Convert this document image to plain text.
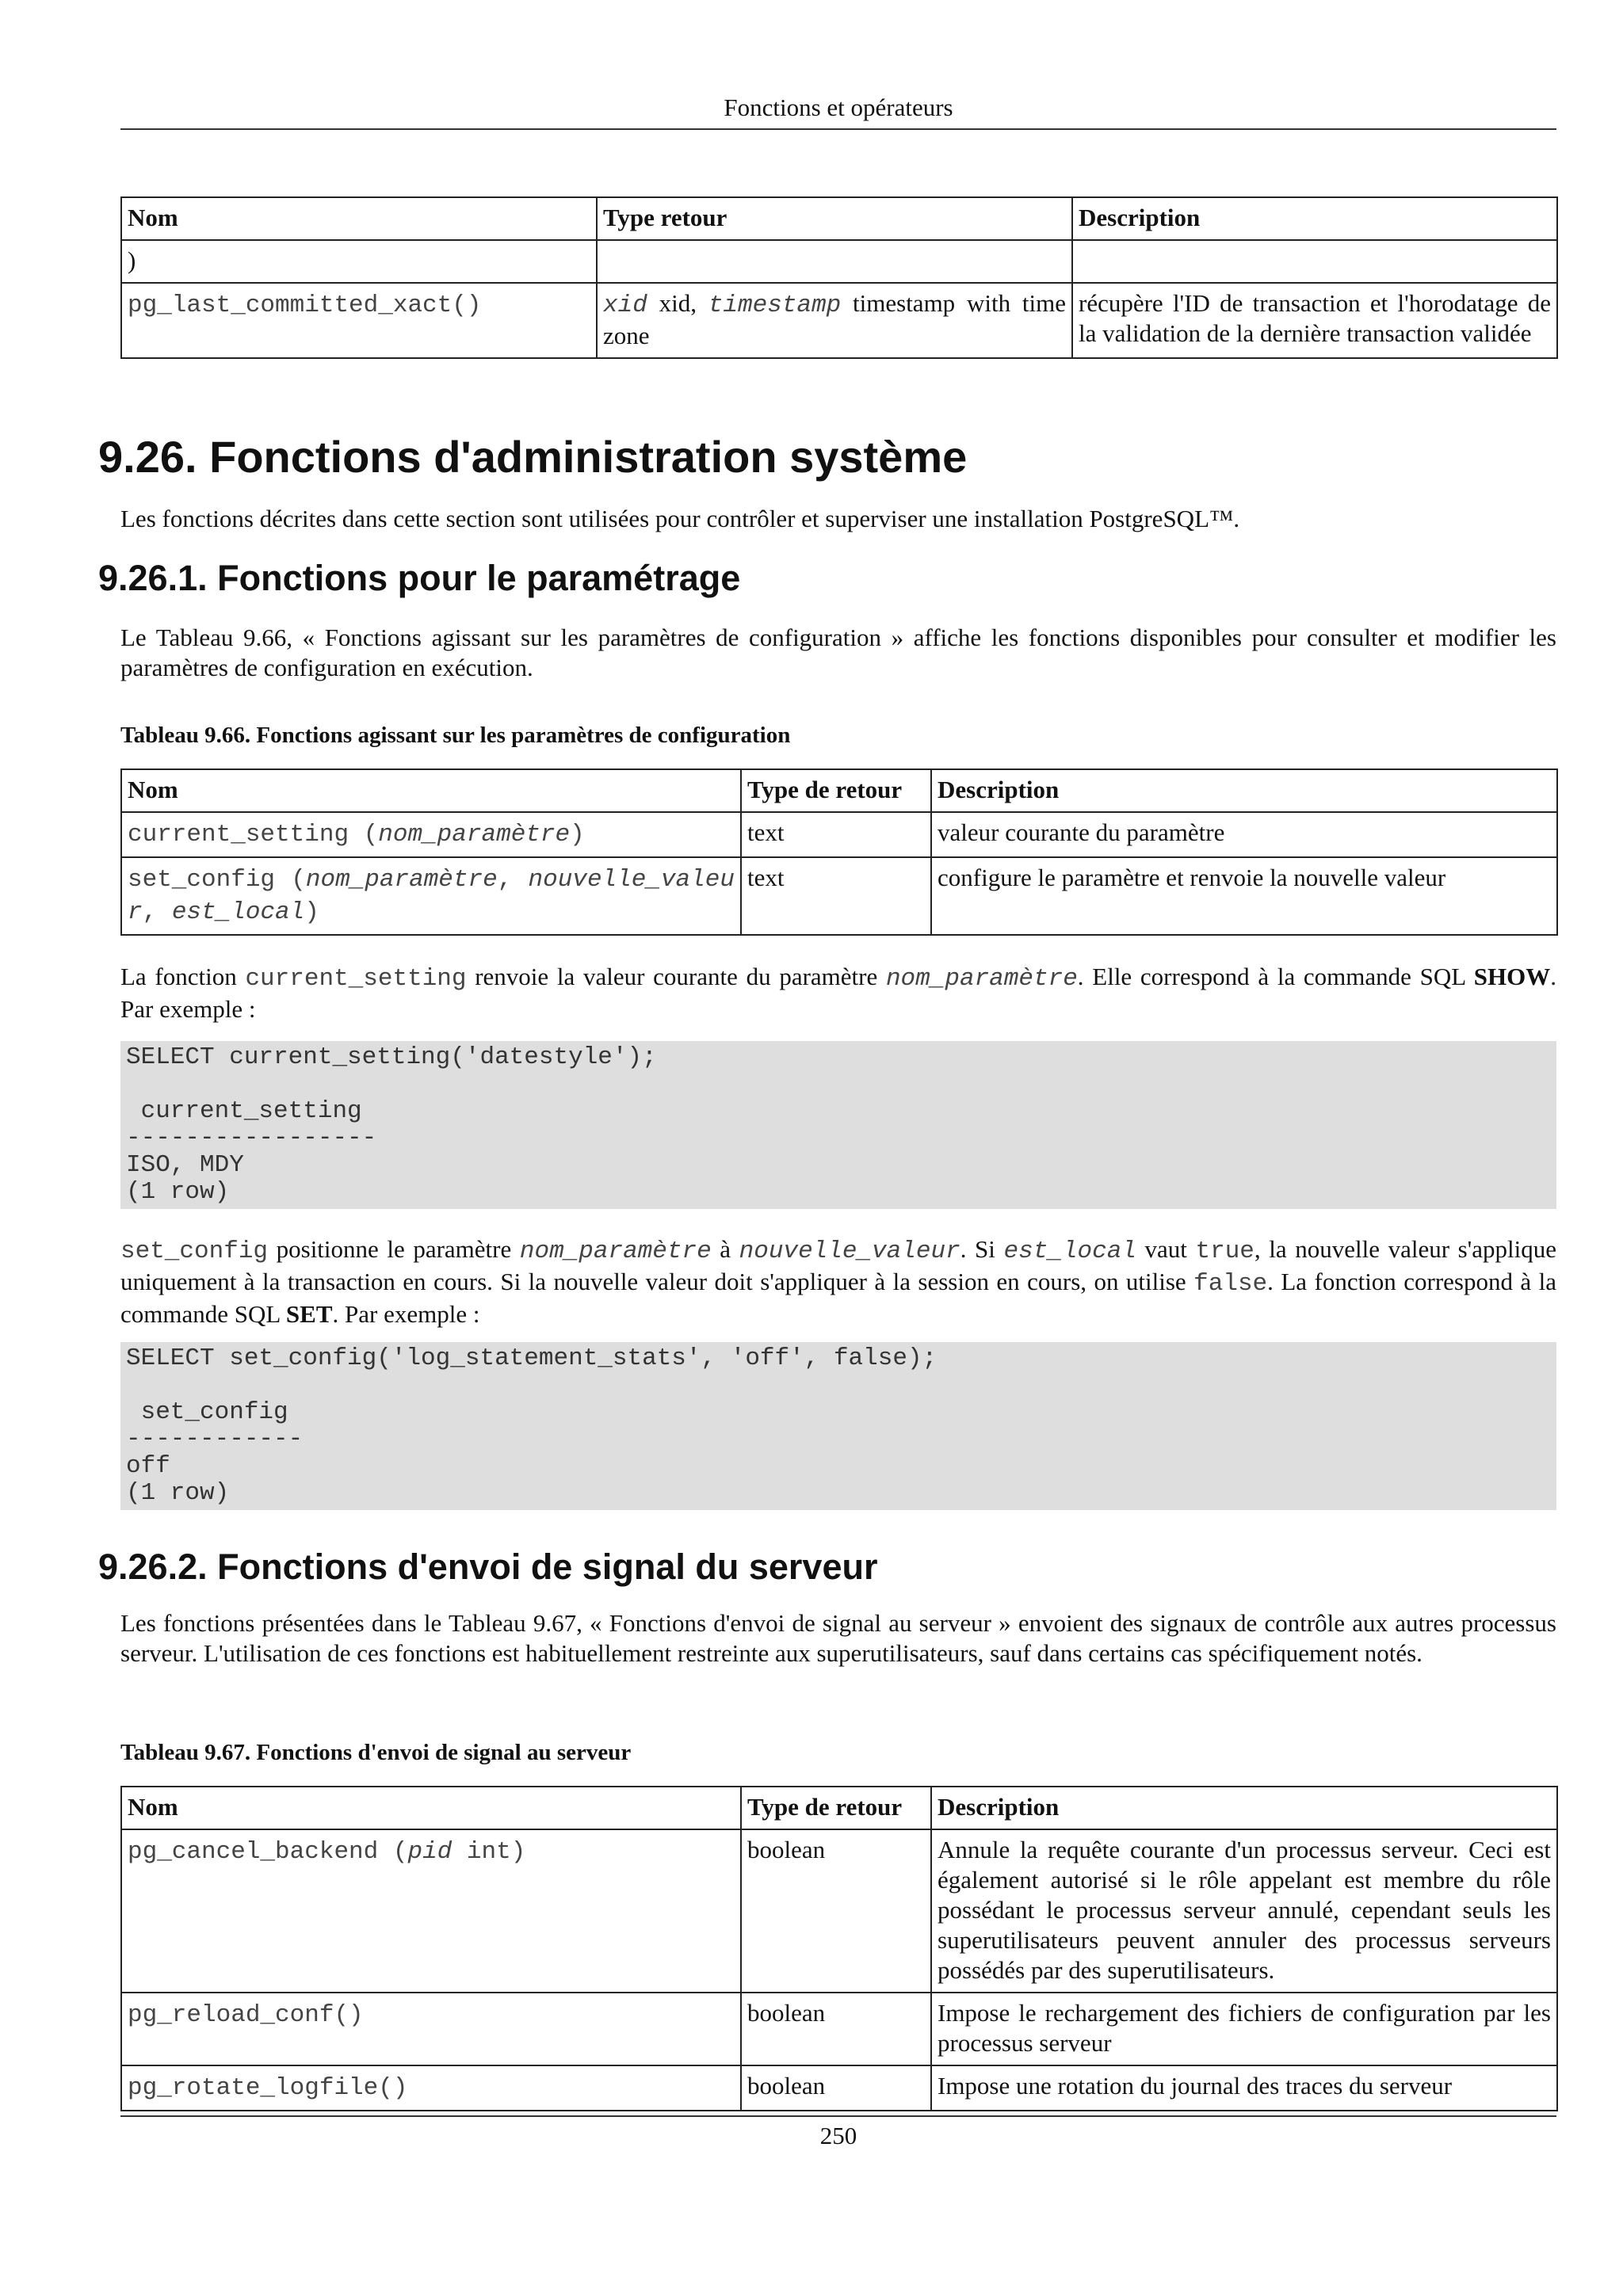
Fonctions et opérateurs
Nom	Type retour	Description
)		
pg_last_committed_xact()	xid xid, timestamp timestamp with time zone	récupère l'ID de transaction et l'horodatage de la validation de la dernière transaction validée
9.26. Fonctions d'administration système

Les fonctions décrites dans cette section sont utilisées pour contrôler et superviser une installation PostgreSQL™.

9.26.1. Fonctions pour le paramétrage

Le Tableau 9.66, « Fonctions agissant sur les paramètres de configuration » affiche les fonctions disponibles pour consulter et modifier les paramètres de configuration en exécution.

Tableau 9.66. Fonctions agissant sur les paramètres de configuration

Nom	Type de retour	Description
current_setting (nom_paramètre)	text	valeur courante du paramètre
set_config (nom_paramètre, nouvelle_valeur, est_local)	text	configure le paramètre et renvoie la nouvelle valeur

La fonction current_setting renvoie la valeur courante du paramètre nom_paramètre. Elle correspond à la commande SQL SHOW. Par exemple :

SELECT current_setting('datestyle');

current_setting
-----------------
ISO, MDY
(1 row)

set_config positionne le paramètre nom_paramètre à nouvelle_valeur. Si est_local vaut true, la nouvelle valeur s'applique uniquement à la transaction en cours. Si la nouvelle valeur doit s'appliquer à la session en cours, on utilise false. La fonction correspond à la commande SQL SET. Par exemple :

SELECT set_config('log_statement_stats', 'off', false);

set_config
------------
off
(1 row)
9.26.2. Fonctions d'envoi de signal du serveur

Les fonctions présentées dans le Tableau 9.67, « Fonctions d'envoi de signal au serveur » envoient des signaux de contrôle aux autres processus serveur. L'utilisation de ces fonctions est habituellement restreinte aux superutilisateurs, sauf dans certains cas spécifiquement notés.

Tableau 9.67. Fonctions d'envoi de signal au serveur

Nom	Type de retour	Description
pg_cancel_backend (pid int)	boolean	Annule la requête courante d'un processus serveur. Ceci est également autorisé si le rôle appelant est membre du rôle possédant le processus serveur annulé, cependant seuls les superutilisateurs peuvent annuler des processus serveurs possédés par des superutilisateurs.
pg_reload_conf()	boolean	Impose le rechargement des fichiers de configuration par les processus serveur
pg_rotate_logfile()	boolean	Impose une rotation du journal des traces du serveur
250
